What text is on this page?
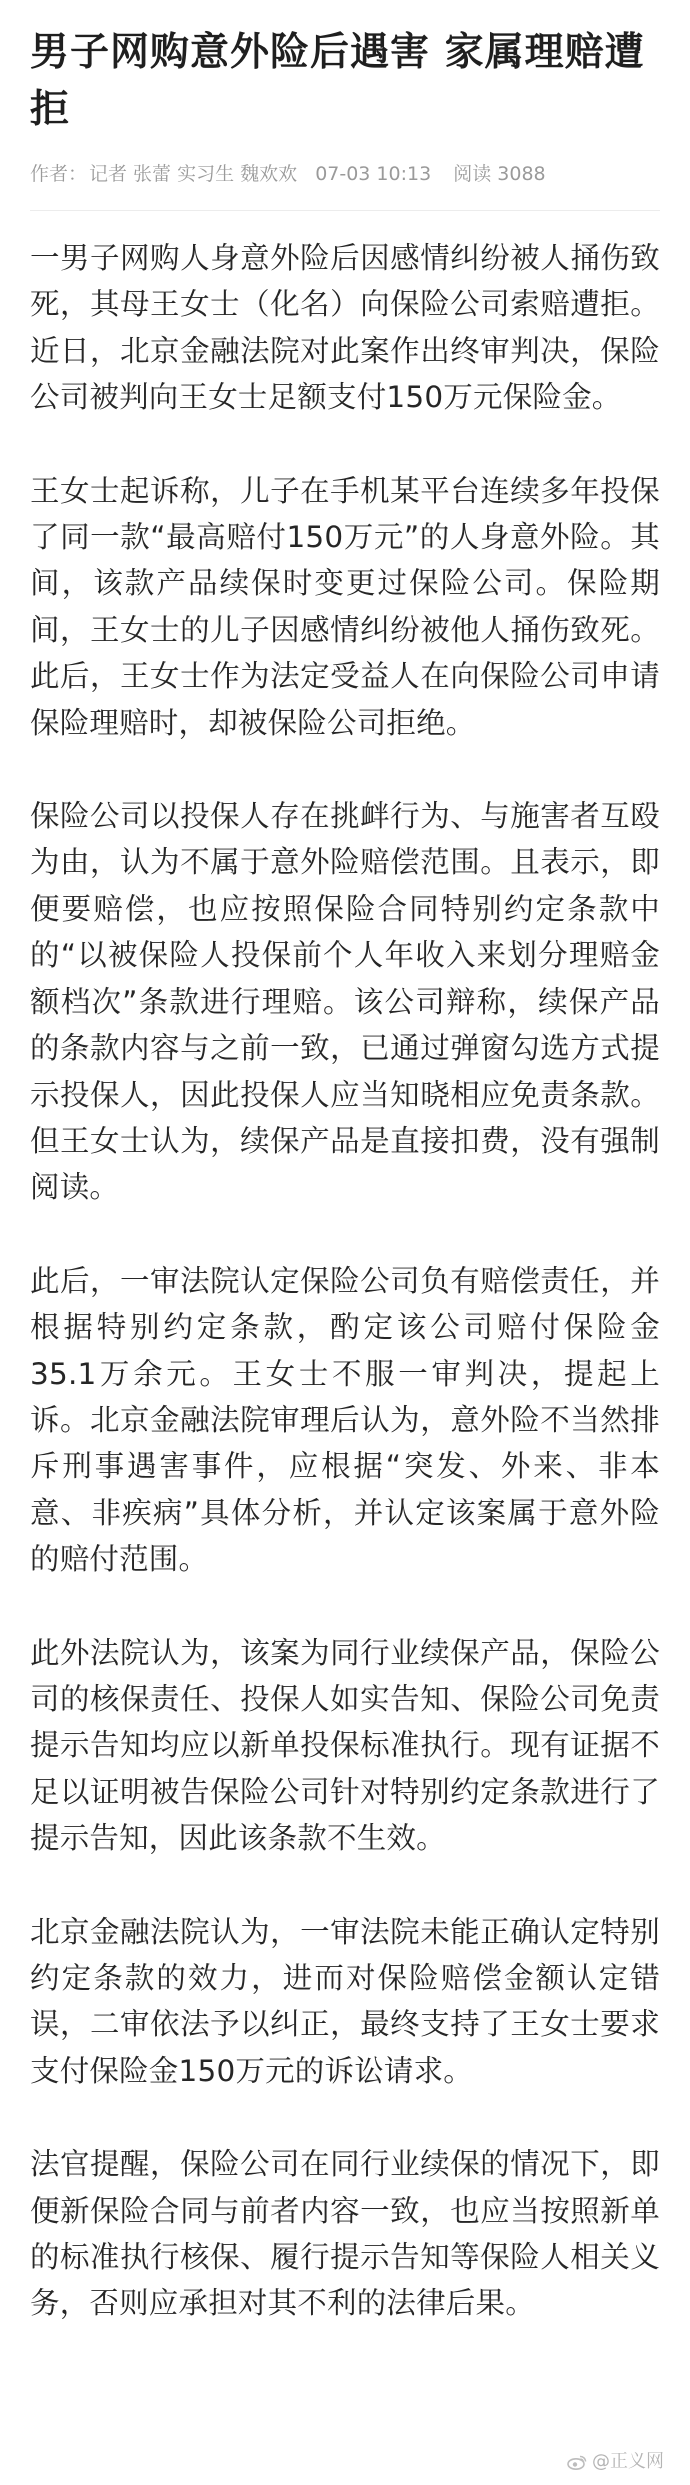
男子网购意外险后遇害 家属理赔遭拒
作者： 记者 张蕾 实习生 魏欢欢 07-03 10:13 阅读 3088

一男子网购人身意外险后因感情纠纷被人捅伤致死，其母王女士（化名）向保险公司索赔遭拒。近日，北京金融法院对此案作出终审判决，保险公司被判向王女士足额支付150万元保险金。

王女士起诉称，儿子在手机某平台连续多年投保了同一款“最高赔付150万元”的人身意外险。其间，该款产品续保时变更过保险公司。保险期间，王女士的儿子因感情纠纷被他人捅伤致死。此后，王女士作为法定受益人在向保险公司申请保险理赔时，却被保险公司拒绝。

保险公司以投保人存在挑衅行为、与施害者互殴为由，认为不属于意外险赔偿范围。且表示，即便要赔偿，也应按照保险合同特别约定条款中的“以被保险人投保前个人年收入来划分理赔金额档次”条款进行理赔。该公司辩称，续保产品的条款内容与之前一致，已通过弹窗勾选方式提示投保人，因此投保人应当知晓相应免责条款。但王女士认为，续保产品是直接扣费，没有强制阅读。

此后，一审法院认定保险公司负有赔偿责任，并根据特别约定条款，酌定该公司赔付保险金35.1万余元。王女士不服一审判决，提起上诉。北京金融法院审理后认为，意外险不当然排斥刑事遇害事件，应根据“突发、外来、非本意、非疾病”具体分析，并认定该案属于意外险的赔付范围。

此外法院认为，该案为同行业续保产品，保险公司的核保责任、投保人如实告知、保险公司免责提示告知均应以新单投保标准执行。现有证据不足以证明被告保险公司针对特别约定条款进行了提示告知，因此该条款不生效。

北京金融法院认为，一审法院未能正确认定特别约定条款的效力，进而对保险赔偿金额认定错误，二审依法予以纠正，最终支持了王女士要求支付保险金150万元的诉讼请求。

法官提醒，保险公司在同行业续保的情况下，即便新保险合同与前者内容一致，也应当按照新单的标准执行核保、履行提示告知等保险人相关义务，否则应承担对其不利的法律后果。

@正义网
